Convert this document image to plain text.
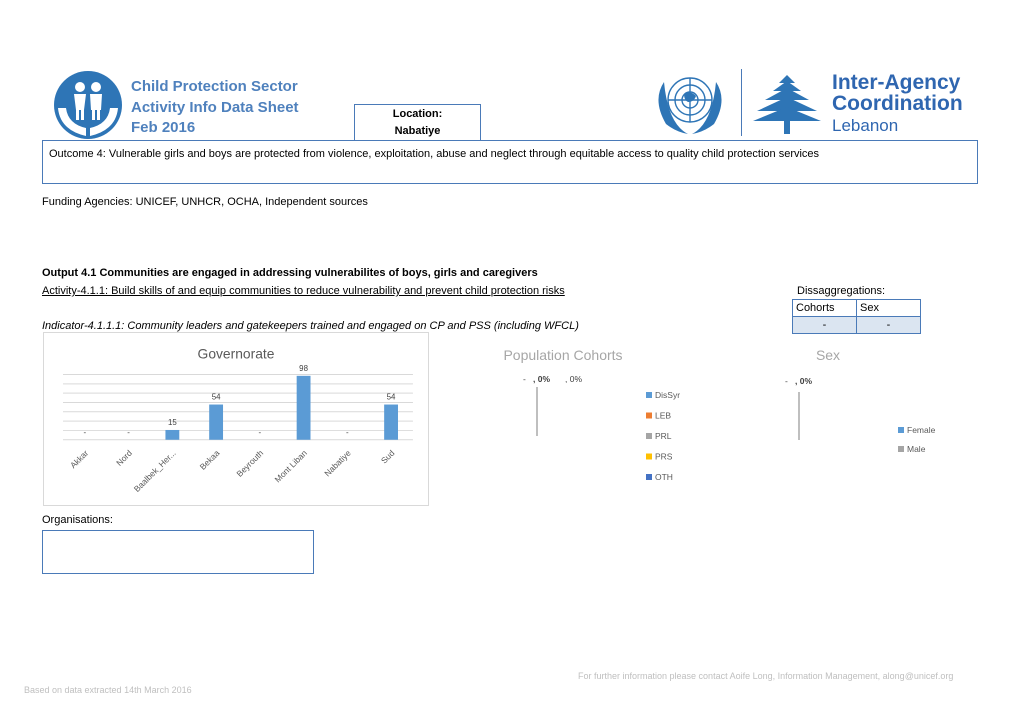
Child Protection Sector
Activity Info Data Sheet
Feb 2016
Location:
Nabatiye
Inter-Agency
Coordination
Lebanon
Outcome 4: Vulnerable girls and boys are protected from violence, exploitation, abuse and neglect through equitable access to quality child protection services
Funding Agencies: UNICEF, UNHCR, OCHA, Independent sources
Output 4.1 Communities are engaged in addressing vulnerabilites of boys, girls and caregivers
Activity-4.1.1: Build skills of and equip communities to reduce vulnerability and prevent child protection risks
Indicator-4.1.1.1: Community leaders and gatekeepers trained and engaged on CP and PSS (including WFCL)
Dissaggregations:
Cohorts	Sex
-	-
Governorate
-
Akkar
-
Nord
15
Baalbek_Her...
54
Bekaa
-
Beyrouth
98
Mont Liban
-
Nabatiye
54
Sud
Population Cohorts
- , 0% , 0%
DisSyr
LEB
PRL
PRS
OTH
Sex
- , 0%
Female
Male
Organisations:
For further information please contact Aoife Long, Information Management, along@unicef.org
Based on data extracted 14th March 2016
